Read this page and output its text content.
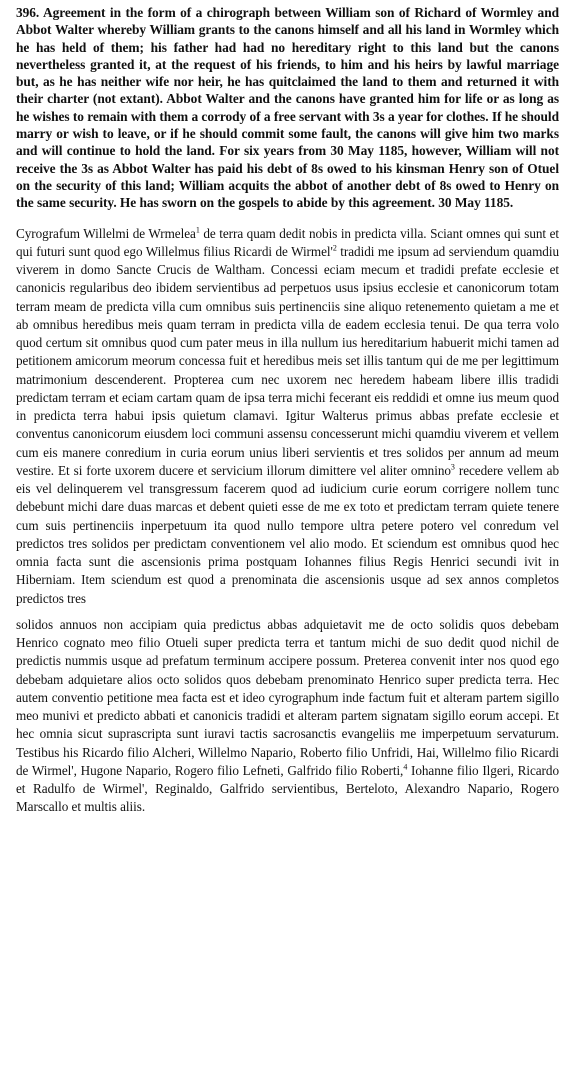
396. Agreement in the form of a chirograph between William son of Richard of Wormley and Abbot Walter whereby William grants to the canons himself and all his land in Wormley which he has held of them; his father had had no hereditary right to this land but the canons nevertheless granted it, at the request of his friends, to him and his heirs by lawful marriage but, as he has neither wife nor heir, he has quitclaimed the land to them and returned it with their charter (not extant). Abbot Walter and the canons have granted him for life or as long as he wishes to remain with them a corrody of a free servant with 3s a year for clothes. If he should marry or wish to leave, or if he should commit some fault, the canons will give him two marks and will continue to hold the land. For six years from 30 May 1185, however, William will not receive the 3s as Abbot Walter has paid his debt of 8s owed to his kinsman Henry son of Otuel on the security of this land; William acquits the abbot of another debt of 8s owed to Henry on the same security. He has sworn on the gospels to abide by this agreement. 30 May 1185.

Cyrografum Willelmi de Wrmelea$^1$ de terra quam dedit nobis in predicta villa. Sciant omnes qui sunt et qui futuri sunt quod ego Willelmus filius Ricardi de $Wirmel'^2$ tradidi me ipsum ad serviendum quamdiu viverem in domo Sancte Crucis de Waltham. Concessi eciam mecum et tradidi prefate ecclesie et canonicis regularibus deo ibidem servientibus ad perpetuos usus ipsius ecclesie et canonicorum totam terram meam de predicta villa cum omnibus suis pertinenciis sine aliquo retenemento quietam a me et ab omnibus heredibus meis quam terram in predicta villa de eadem ecclesia tenui. De qua terra volo quod certum sit omnibus quod cum pater meus in illa nullum ius hereditarium habuerit michi tamen ad petitionem amicorum meorum concessa fuit et heredibus meis set illis tantum qui de me per legittimum matrimonium descenderent. Propterea cum nec uxorem nec heredem habeam libere illis tradidi predictam terram et eciam cartam quam de ipsa terra michi fecerant eis reddidi et omne ius meum quod in predicta terra habui ipsis quietum clamavi. Igitur Walterus primus abbas prefate ecclesie et conventus canonicorum eiusdem loci communi assensu concesserunt michi quamdiu viverem et vellem cum eis manere conredium in curia eorum unius liberi servientis et tres solidos per annum ad meum vestire. Et si forte uxorem ducere et servicium illorum dimittere vel aliter omnino$^3$ recedere vellem ab eis vel delinquerem vel transgressum facerem quod ad iudicium curie eorum corrigere nollem tunc debebunt michi dare duas marcas et debent quieti esse de me ex toto et predictam terram quiete tenere cum suis pertinenciis inperpetuum ita quod nullo tempore ultra petere poterο vel conredum vel predictos tres solidos per predictam conventionem vel alio modo. Et sciendum est omnibus quod hec omnia facta sunt die ascensionis prima postquam Iohannes filius Regis Henrici secundi ivit in Hiberniam. Item sciendum est quod a prenominata die ascensionis usque ad sex annos completos predictos tres

solidos annuos non accipiam quia predictus abbas adquietavit me de octo solidis quos debebam Henrico cognato meo filio Otueli super predicta terra et tantum michi de suo dedit quod nichil de predictis nummis usque ad prefatum terminum accipere possum. Preterea convenit inter nos quod ego debebam adquietare alios octo solidos quos debebam prenominato Henrico super predicta terra. Hec autem conventio petitione mea facta est et ideo cyrographum inde factum fuit et alteram partem sigillo meo munivi et predicto abbati et canonicis tradidi et alteram partem signatam sigillo eorum accepi. Et hec omnia sicut suprascripta sunt iuravi tactis sacrosanctis evangeliis me imperpetuum servaturum. Testibus his Ricardo filio Alcheri, Willelmo Napario, Roberto filio Unfridi, Hai, Willelmo filio Ricardi de Wirmel', Hugone Napario, Rogero filio Lefneti, Galfrido filio Roberti,$^4$ Iohanne filio Ilgeri, Ricardo et Radulfo de Wirmel', Reginaldo, Galfrido servientibus, Berteloto, Alexandro Napario, Rogero Marscallo et multis aliis.
